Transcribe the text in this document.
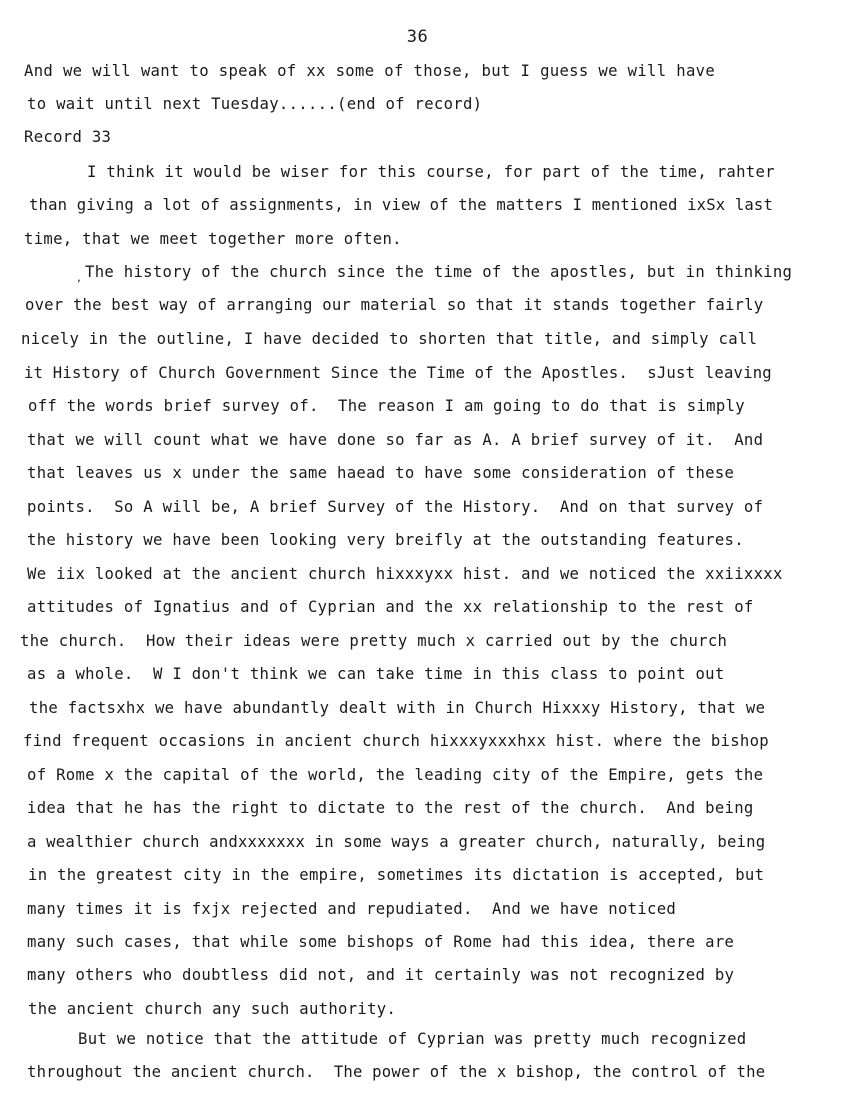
36
And we will want to speak of xx some of those, but I guess we will have
to wait until next Tuesday......(end of record)
Record 33
I think it would be wiser for this course, for part of the time, rahter
than giving a lot of assignments, in view of the matters I mentioned ixSx last
time, that we meet together more often.
, The history of the church since the time of the apostles, but in thinking
over the best way of arranging our material so that it stands together fairly
nicely in the outline, I have decided to shorten that title, and simply call
it History of Church Government Since the Time of the Apostles.  sJust leaving
off the words brief survey of.  The reason I am going to do that is simply
that we will count what we have done so far as A. A brief survey of it.  And
that leaves us x under the same haead to have some consideration of these
points.  So A will be, A brief Survey of the History.  And on that survey of
the history we have been looking very breifly at the outstanding features.
We iix looked at the ancient church hixxxyxx hist. and we noticed the xxiixxxx
attitudes of Ignatius and of Cyprian and the xx relationship to the rest of
the church.  How their ideas were pretty much x carried out by the church
as a whole.  W I don't think we can take time in this class to point out
the factsxhx we have abundantly dealt with in Church Hixxxy History, that we
find frequent occasions in ancient church hixxxyxxxhxx hist. where the bishop
of Rome x the capital of the world, the leading city of the Empire, gets the
idea that he has the right to dictate to the rest of the church.  And being
a wealthier church andxxxxxxx in some ways a greater church, naturally, being
in the greatest city in the empire, sometimes its dictation is accepted, but
many times it is fxjx rejected and repudiated.  And we have noticed
many such cases, that while some bishops of Rome had this idea, there are
many others who doubtless did not, and it certainly was not recognized by
the ancient church any such authority.
But we notice that the attitude of Cyprian was pretty much recognized
throughout the ancient church.  The power of the x bishop, the control of the
